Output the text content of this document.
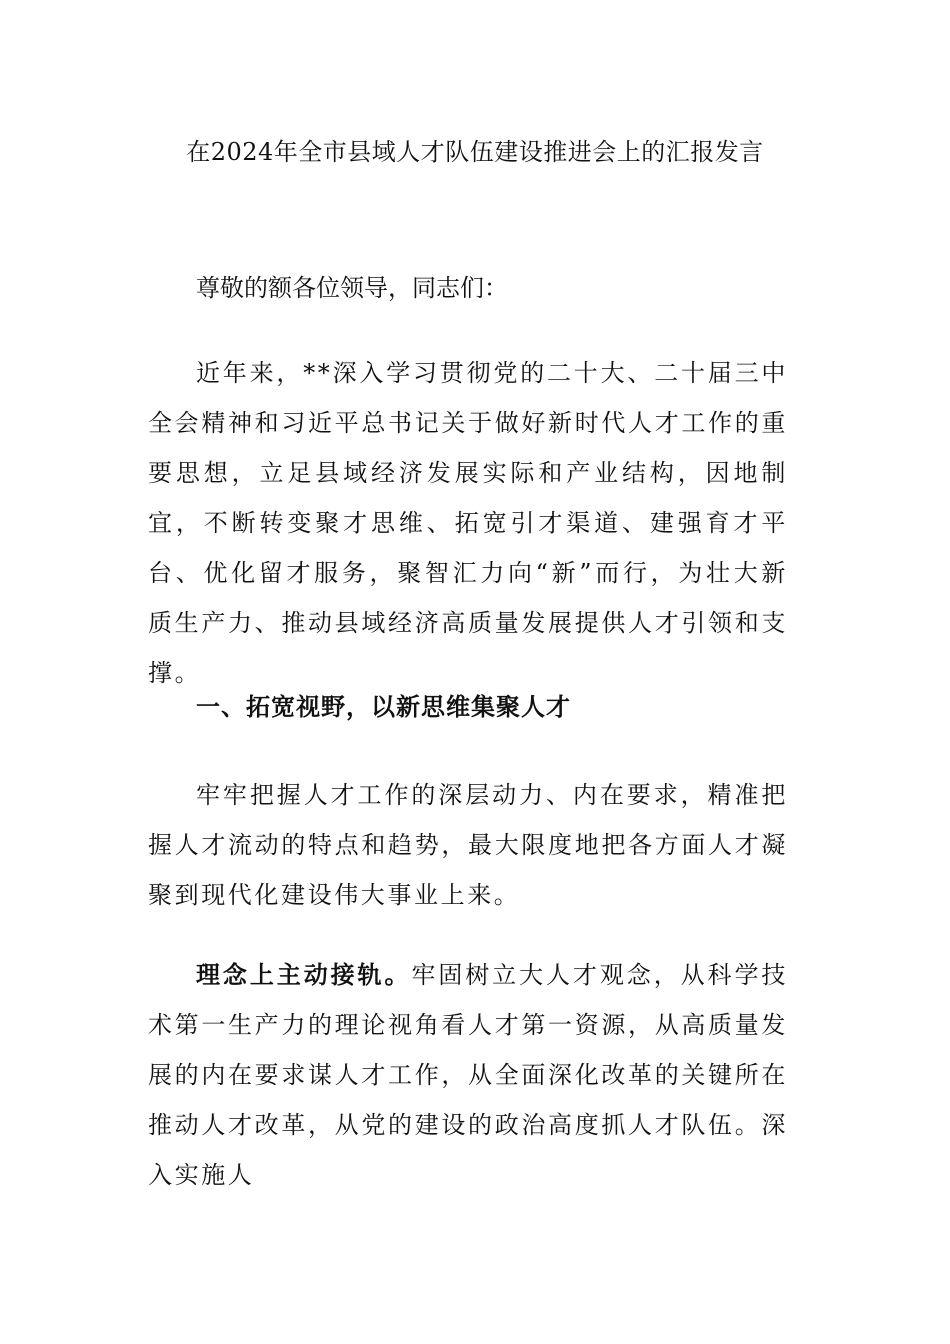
在2024年全市县域人才队伍建设推进会上的汇报发言
尊敬的额各位领导，同志们：

近年来，**深入学习贯彻党的二十大、二十届三中全会精神和习近平总书记关于做好新时代人才工作的重要思想，立足县域经济发展实际和产业结构，因地制宜，不断转变聚才思维、拓宽引才渠道、建强育才平台、优化留才服务，聚智汇力向“新”而行，为壮大新质生产力、推动县域经济高质量发展提供人才引领和支撑。

一、拓宽视野，以新思维集聚人才

牢牢把握人才工作的深层动力、内在要求，精准把握人才流动的特点和趋势，最大限度地把各方面人才凝聚到现代化建设伟大事业上来。

理念上主动接轨。牢固树立大人才观念，从科学技术第一生产力的理论视角看人才第一资源，从高质量发展的内在要求谋人才工作，从全面深化改革的关键所在推动人才改革，从党的建设的政治高度抓人才队伍。深入实施人
